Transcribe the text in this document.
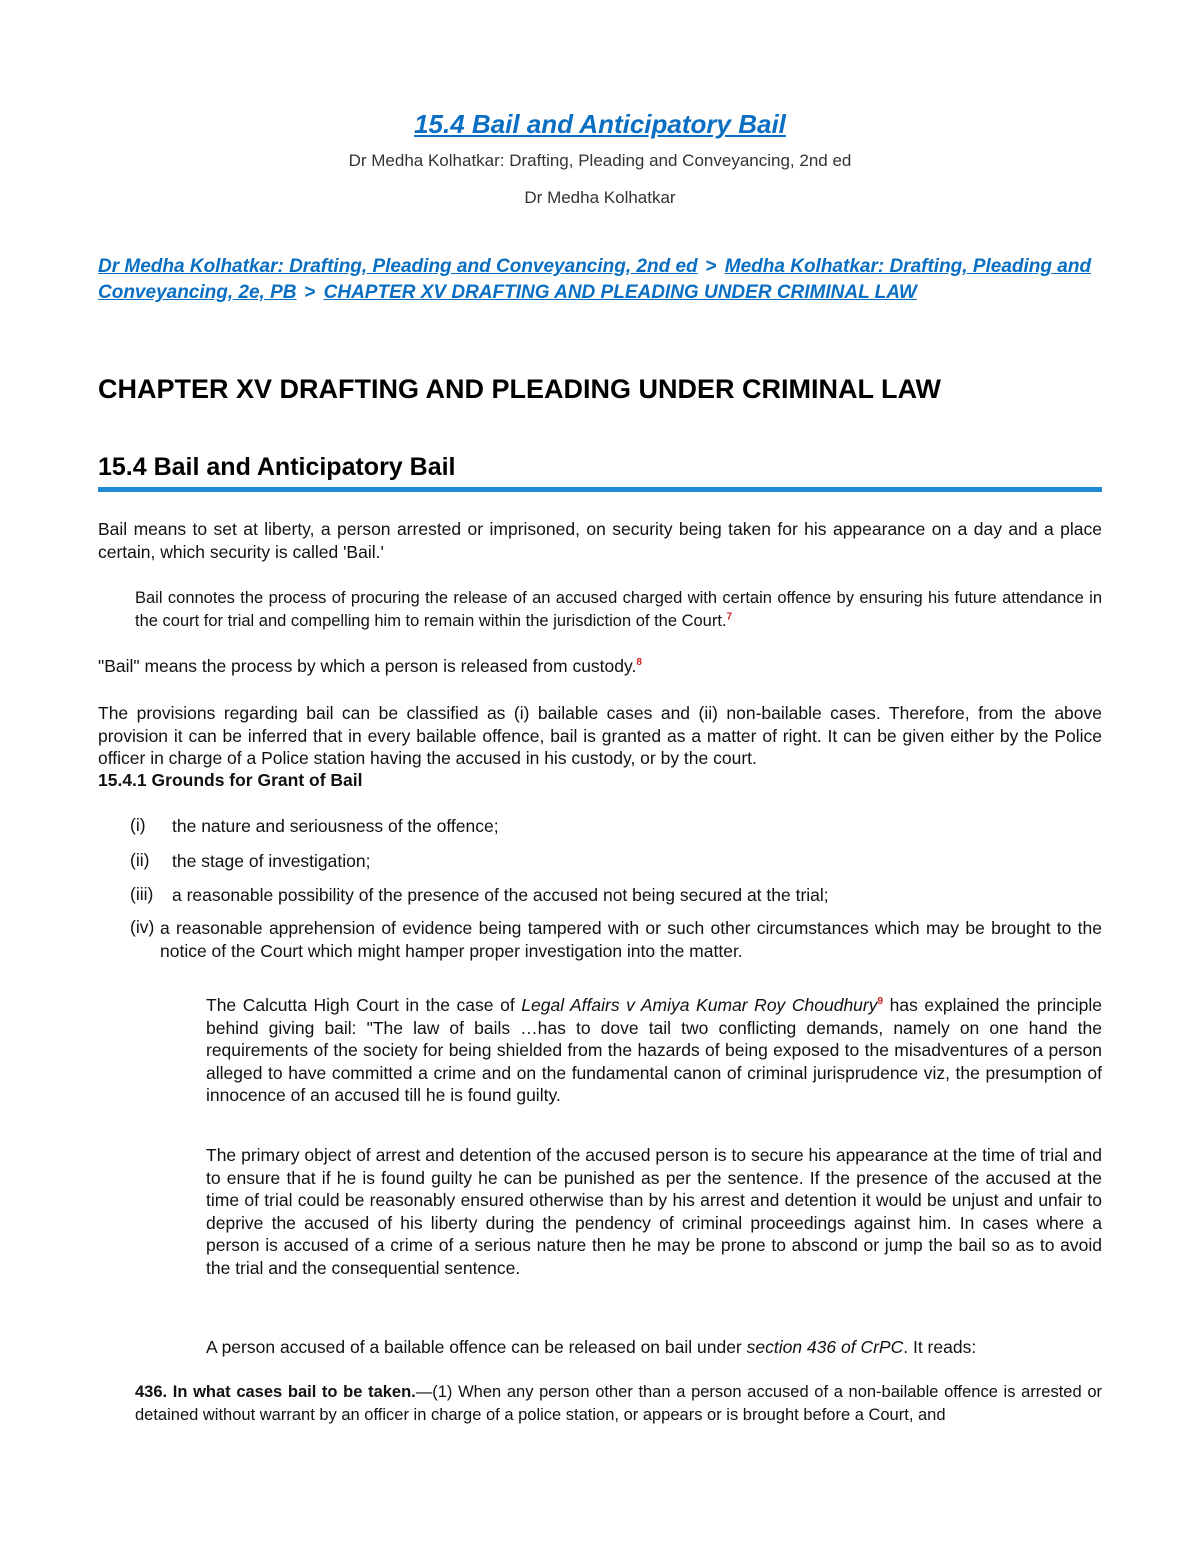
15.4 Bail and Anticipatory Bail
Dr Medha Kolhatkar: Drafting, Pleading and Conveyancing, 2nd ed
Dr Medha Kolhatkar
Dr Medha Kolhatkar: Drafting, Pleading and Conveyancing, 2nd ed > Medha Kolhatkar: Drafting, Pleading and Conveyancing, 2e, PB > CHAPTER XV DRAFTING AND PLEADING UNDER CRIMINAL LAW
CHAPTER XV DRAFTING AND PLEADING UNDER CRIMINAL LAW
15.4 Bail and Anticipatory Bail
Bail means to set at liberty, a person arrested or imprisoned, on security being taken for his appearance on a day and a place certain, which security is called 'Bail.'
Bail connotes the process of procuring the release of an accused charged with certain offence by ensuring his future attendance in the court for trial and compelling him to remain within the jurisdiction of the Court.$^7$
"Bail" means the process by which a person is released from custody.$^8$
The provisions regarding bail can be classified as (i) bailable cases and (ii) non-bailable cases. Therefore, from the above provision it can be inferred that in every bailable offence, bail is granted as a matter of right. It can be given either by the Police officer in charge of a Police station having the accused in his custody, or by the court.
15.4.1 Grounds for Grant of Bail
(i) the nature and seriousness of the offence;
(ii) the stage of investigation;
(iii) a reasonable possibility of the presence of the accused not being secured at the trial;
(iv) a reasonable apprehension of evidence being tampered with or such other circumstances which may be brought to the notice of the Court which might hamper proper investigation into the matter.
The Calcutta High Court in the case of Legal Affairs v Amiya Kumar Roy Choudhury$^9$ has explained the principle behind giving bail: "The law of bails …has to dove tail two conflicting demands, namely on one hand the requirements of the society for being shielded from the hazards of being exposed to the misadventures of a person alleged to have committed a crime and on the fundamental canon of criminal jurisprudence viz, the presumption of innocence of an accused till he is found guilty.
The primary object of arrest and detention of the accused person is to secure his appearance at the time of trial and to ensure that if he is found guilty he can be punished as per the sentence. If the presence of the accused at the time of trial could be reasonably ensured otherwise than by his arrest and detention it would be unjust and unfair to deprive the accused of his liberty during the pendency of criminal proceedings against him. In cases where a person is accused of a crime of a serious nature then he may be prone to abscond or jump the bail so as to avoid the trial and the consequential sentence.
A person accused of a bailable offence can be released on bail under section 436 of CrPC. It reads:
436. In what cases bail to be taken.—(1) When any person other than a person accused of a non-bailable offence is arrested or detained without warrant by an officer in charge of a police station, or appears or is brought before a Court, and
